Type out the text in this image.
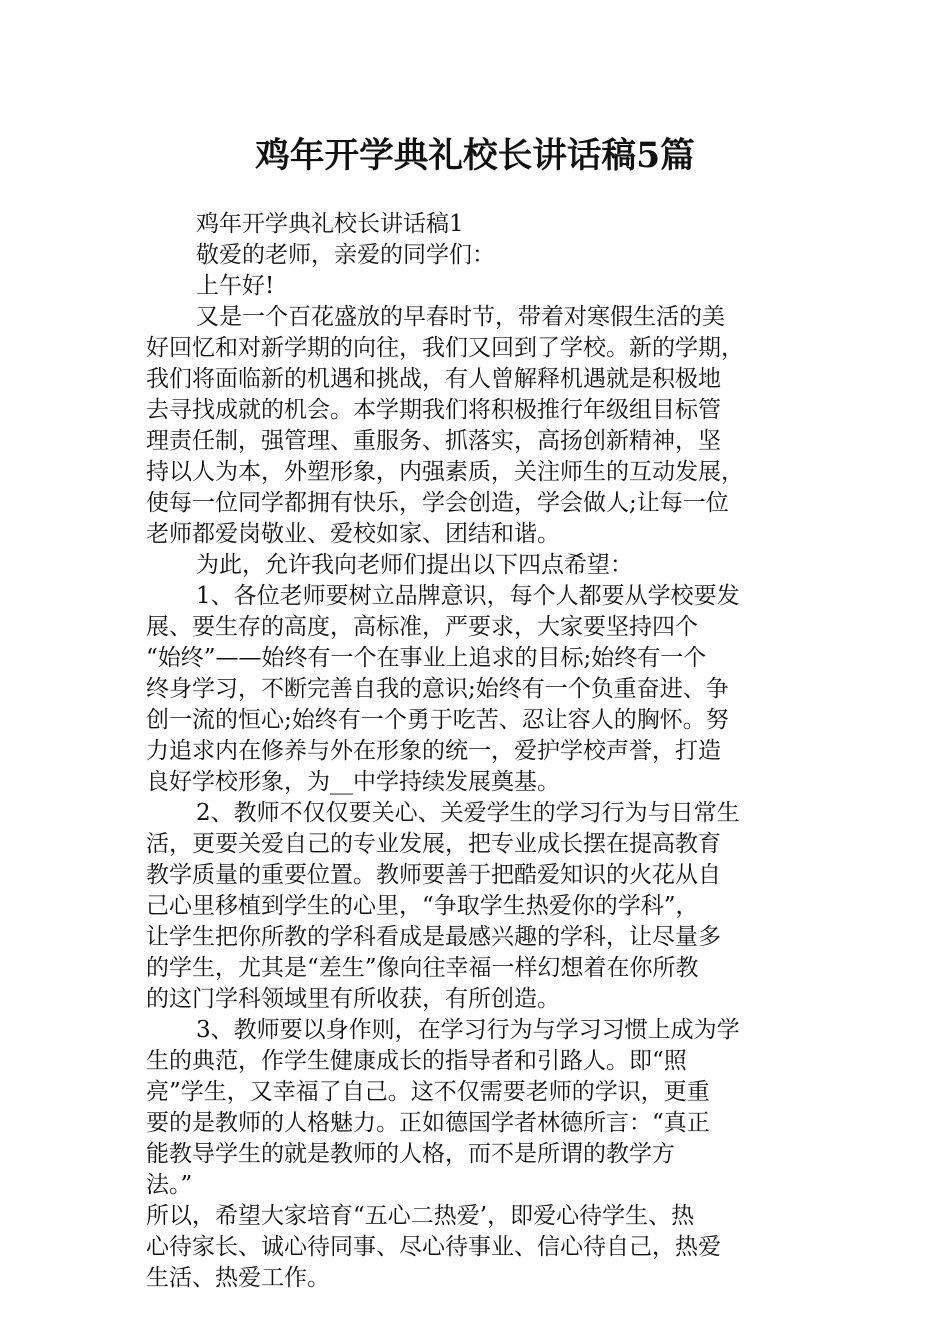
鸡年开学典礼校长讲话稿5篇
鸡年开学典礼校长讲话稿1
敬爱的老师，亲爱的同学们：
上午好!
又是一个百花盛放的早春时节，带着对寒假生活的美
好回忆和对新学期的向往，我们又回到了学校。新的学期，
我们将面临新的机遇和挑战，有人曾解释机遇就是积极地
去寻找成就的机会。本学期我们将积极推行年级组目标管
理责任制，强管理、重服务、抓落实，高扬创新精神，坚
持以人为本，外塑形象，内强素质，关注师生的互动发展，
使每一位同学都拥有快乐，学会创造，学会做人;让每一位
老师都爱岗敬业、爱校如家、团结和谐。
为此，允许我向老师们提出以下四点希望：
1、各位老师要树立品牌意识，每个人都要从学校要发
展、要生存的高度，高标准，严要求，大家要坚持四个
“始终”——始终有一个在事业上追求的目标;始终有一个
终身学习，不断完善自我的意识;始终有一个负重奋进、争
创一流的恒心;始终有一个勇于吃苦、忍让容人的胸怀。努
力追求内在修养与外在形象的统一，爱护学校声誉，打造
良好学校形象，为__中学持续发展奠基。
2、教师不仅仅要关心、关爱学生的学习行为与日常生
活，更要关爱自己的专业发展，把专业成长摆在提高教育
教学质量的重要位置。教师要善于把酷爱知识的火花从自
己心里移植到学生的心里，“争取学生热爱你的学科”，
让学生把你所教的学科看成是最感兴趣的学科，让尽量多
的学生，尤其是“差生”像向往幸福一样幻想着在你所教
的这门学科领域里有所收获，有所创造。
3、教师要以身作则，在学习行为与学习习惯上成为学
生的典范，作学生健康成长的指导者和引路人。即“照
亮”学生，又幸福了自己。这不仅需要老师的学识，更重
要的是教师的人格魅力。正如德国学者林德所言：“真正
能教导学生的就是教师的人格，而不是所谓的教学方
法。”
所以，希望大家培育“五心二热爱’，即爱心待学生、热
心待家长、诚心待同事、尽心待事业、信心待自己，热爱
生活、热爱工作。
